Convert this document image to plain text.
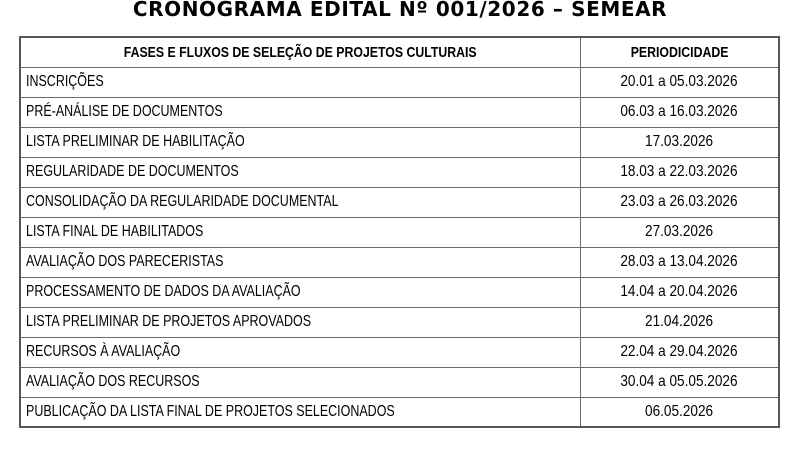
CRONOGRAMA EDITAL Nº 001/2026 – SEMEAR
FASES E FLUXOS DE SELEÇÃO DE PROJETOS CULTURAIS	PERIODICIDADE
INSCRIÇÕES	20.01 a 05.03.2026
PRÉ-ANÁLISE DE DOCUMENTOS	06.03 a 16.03.2026
LISTA PRELIMINAR DE HABILITAÇÃO	17.03.2026
REGULARIDADE DE DOCUMENTOS	18.03 a 22.03.2026
CONSOLIDAÇÃO DA REGULARIDADE DOCUMENTAL	23.03 a 26.03.2026
LISTA FINAL DE HABILITADOS	27.03.2026
AVALIAÇÃO DOS PARECERISTAS	28.03 a 13.04.2026
PROCESSAMENTO DE DADOS DA AVALIAÇÃO	14.04 a 20.04.2026
LISTA PRELIMINAR DE PROJETOS APROVADOS	21.04.2026
RECURSOS À AVALIAÇÃO	22.04 a 29.04.2026
AVALIAÇÃO DOS RECURSOS	30.04 a 05.05.2026
PUBLICAÇÃO DA LISTA FINAL DE PROJETOS SELECIONADOS	06.05.2026
